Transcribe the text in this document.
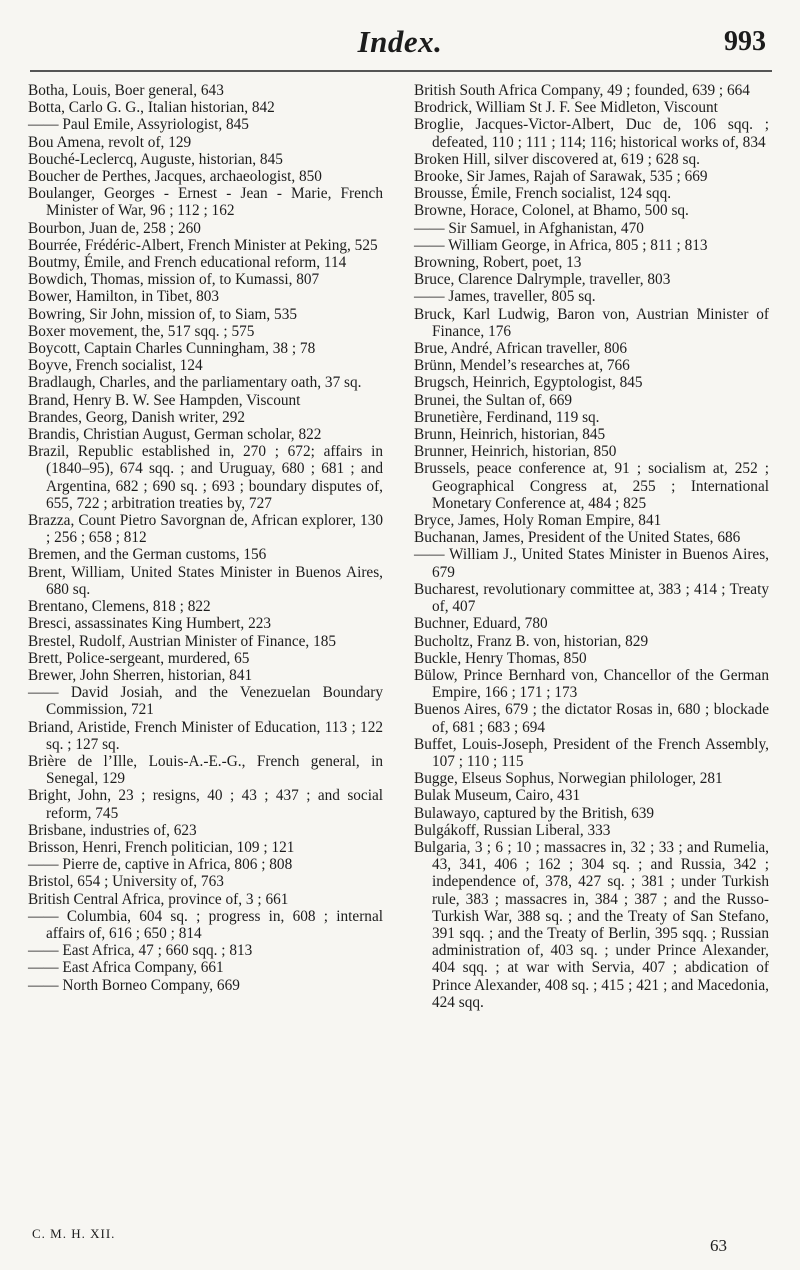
Index.	993

Botha, Louis, Boer general, 643

Botta, Carlo G. G., Italian historian, 842

—— Paul Emile, Assyriologist, 845

Bou Amena, revolt of, 129

Bouché-Leclercq, Auguste, historian, 845

Boucher de Perthes, Jacques, archaeologist, 850

Boulanger, Georges - Ernest - Jean - Marie, French Minister of War, 96 ; 112 ; 162

Bourbon, Juan de, 258 ; 260

Bourrée, Frédéric-Albert, French Minister at Peking, 525

Boutmy, Émile, and French educational reform, 114

Bowdich, Thomas, mission of, to Kumassi, 807

Bower, Hamilton, in Tibet, 803

Bowring, Sir John, mission of, to Siam, 535

Boxer movement, the, 517 sqq. ; 575

Boycott, Captain Charles Cunningham, 38 ; 78

Boyve, French socialist, 124

Bradlaugh, Charles, and the parliamentary oath, 37 sq.

Brand, Henry B. W. See Hampden, Viscount

Brandes, Georg, Danish writer, 292

Brandis, Christian August, German scholar, 822

Brazil, Republic established in, 270 ; 672; affairs in (1840–95), 674 sqq. ; and Uruguay, 680 ; 681 ; and Argentina, 682 ; 690 sq. ; 693 ; boundary disputes of, 655, 722 ; arbitration treaties by, 727

Brazza, Count Pietro Savorgnan de, African explorer, 130 ; 256 ; 658 ; 812

Bremen, and the German customs, 156

Brent, William, United States Minister in Buenos Aires, 680 sq.

Brentano, Clemens, 818 ; 822

Bresci, assassinates King Humbert, 223

Brestel, Rudolf, Austrian Minister of Finance, 185

Brett, Police-sergeant, murdered, 65

Brewer, John Sherren, historian, 841

—— David Josiah, and the Venezuelan Boundary Commission, 721

Briand, Aristide, French Minister of Education, 113 ; 122 sq. ; 127 sq.

Brière de l’Ille, Louis-A.-E.-G., French general, in Senegal, 129

Bright, John, 23 ; resigns, 40 ; 43 ; 437 ; and social reform, 745

Brisbane, industries of, 623

Brisson, Henri, French politician, 109 ; 121

—— Pierre de, captive in Africa, 806 ; 808

Bristol, 654 ; University of, 763

British Central Africa, province of, 3 ; 661

—— Columbia, 604 sq. ; progress in, 608 ; internal affairs of, 616 ; 650 ; 814

—— East Africa, 47 ; 660 sqq. ; 813

—— East Africa Company, 661

—— North Borneo Company, 669

British South Africa Company, 49 ; founded, 639 ; 664

Brodrick, William St J. F. See Midleton, Viscount

Broglie, Jacques-Victor-Albert, Duc de, 106 sqq. ; defeated, 110 ; 111 ; 114; 116; historical works of, 834

Broken Hill, silver discovered at, 619 ; 628 sq.

Brooke, Sir James, Rajah of Sarawak, 535 ; 669

Brousse, Émile, French socialist, 124 sqq.

Browne, Horace, Colonel, at Bhamo, 500 sq.

—— Sir Samuel, in Afghanistan, 470

—— William George, in Africa, 805 ; 811 ; 813

Browning, Robert, poet, 13

Bruce, Clarence Dalrymple, traveller, 803

—— James, traveller, 805 sq.

Bruck, Karl Ludwig, Baron von, Austrian Minister of Finance, 176

Brue, André, African traveller, 806

Brünn, Mendel’s researches at, 766

Brugsch, Heinrich, Egyptologist, 845

Brunei, the Sultan of, 669

Brunetière, Ferdinand, 119 sq.

Brunn, Heinrich, historian, 845

Brunner, Heinrich, historian, 850

Brussels, peace conference at, 91 ; socialism at, 252 ; Geographical Congress at, 255 ; International Monetary Conference at, 484 ; 825

Bryce, James, Holy Roman Empire, 841

Buchanan, James, President of the United States, 686

—— William J., United States Minister in Buenos Aires, 679

Bucharest, revolutionary committee at, 383 ; 414 ; Treaty of, 407

Buchner, Eduard, 780

Bucholtz, Franz B. von, historian, 829

Buckle, Henry Thomas, 850

Bülow, Prince Bernhard von, Chancellor of the German Empire, 166 ; 171 ; 173

Buenos Aires, 679 ; the dictator Rosas in, 680 ; blockade of, 681 ; 683 ; 694

Buffet, Louis-Joseph, President of the French Assembly, 107 ; 110 ; 115

Bugge, Elseus Sophus, Norwegian philologer, 281

Bulak Museum, Cairo, 431

Bulawayo, captured by the British, 639

Bulgákoff, Russian Liberal, 333

Bulgaria, 3 ; 6 ; 10 ; massacres in, 32 ; 33 ; and Rumelia, 43, 341, 406 ; 162 ; 304 sq. ; and Russia, 342 ; independence of, 378, 427 sq. ; 381 ; under Turkish rule, 383 ; massacres in, 384 ; 387 ; and the Russo-Turkish War, 388 sq. ; and the Treaty of San Stefano, 391 sqq. ; and the Treaty of Berlin, 395 sqq. ; Russian administration of, 403 sq. ; under Prince Alexander, 404 sqq. ; at war with Servia, 407 ; abdication of Prince Alexander, 408 sq. ; 415 ; 421 ; and Macedonia, 424 sqq.

C. M. H. XII.
63
